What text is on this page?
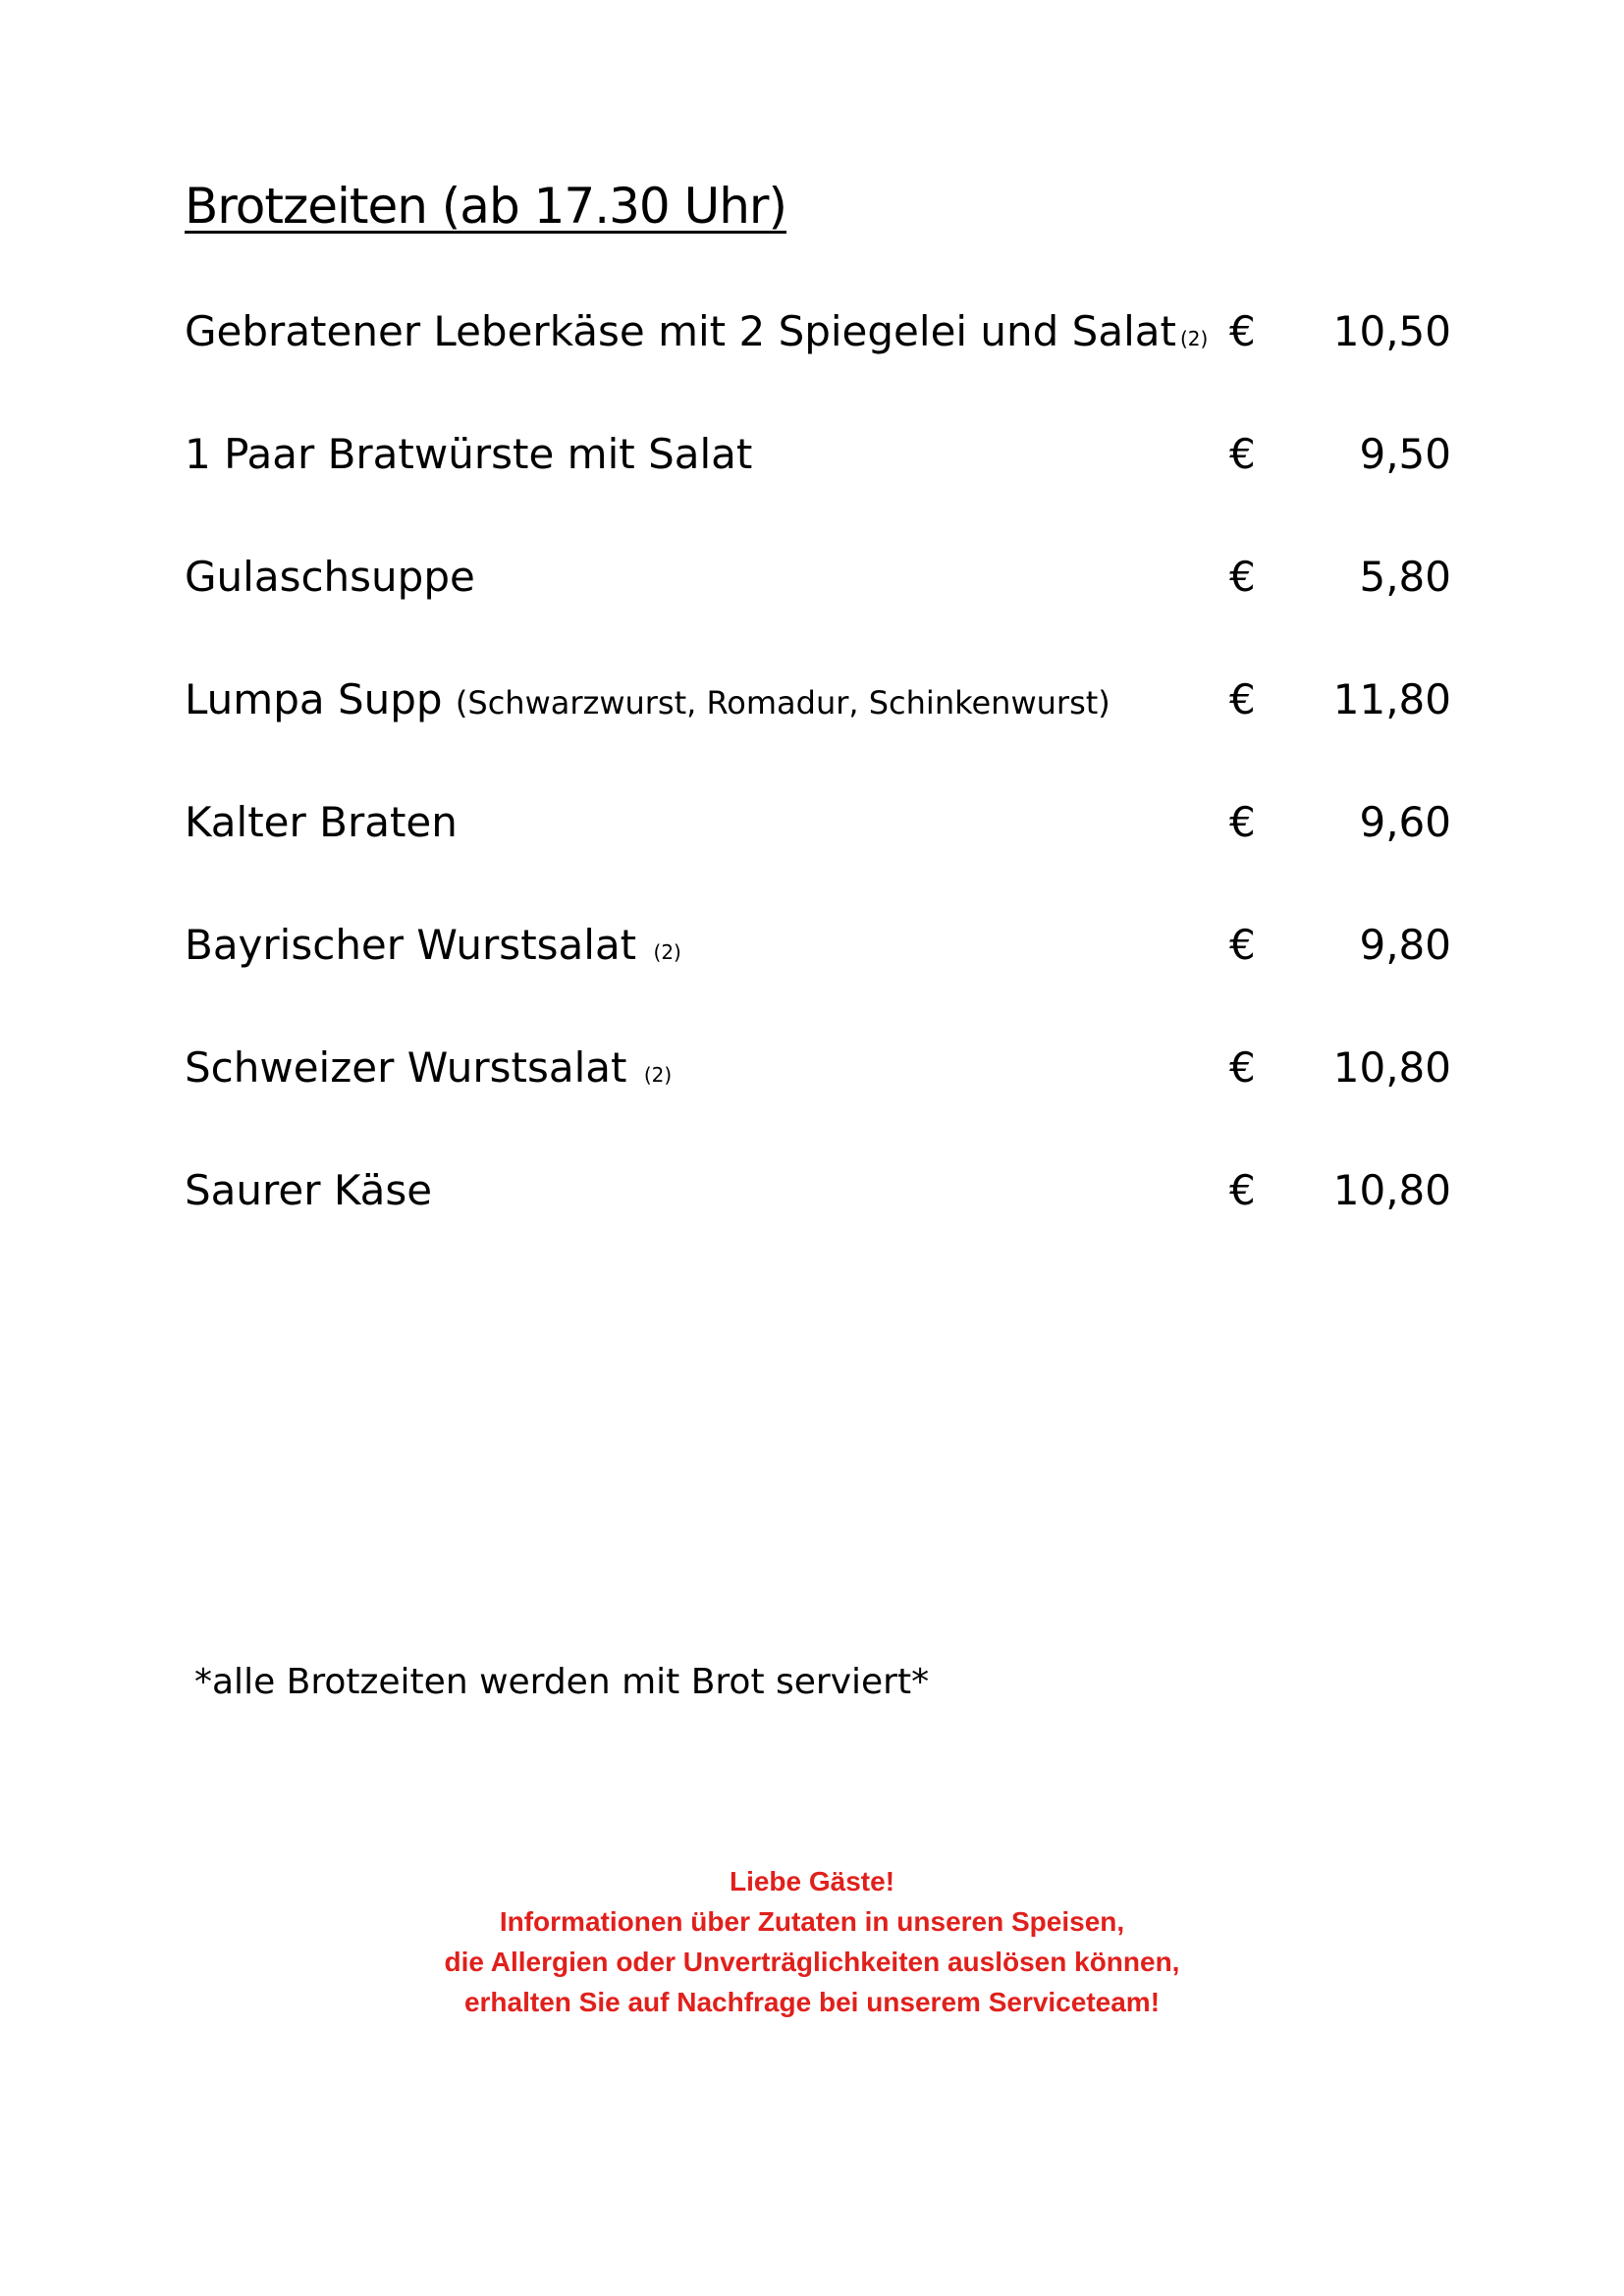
Brotzeiten (ab 17.30 Uhr)
Gebratener Leberkäse mit 2 Spiegelei und Salat (2) €	10,50
1 Paar Bratwürste mit Salat	€	9,50
Gulaschsuppe	€	5,80
Lumpa Supp (Schwarzwurst, Romadur, Schinkenwurst)	€	11,80
Kalter Braten	€	9,60
Bayrischer Wurstsalat (2)	€	9,80
Schweizer Wurstsalat (2)	€	10,80
Saurer Käse	€	10,80
*alle Brotzeiten werden mit Brot serviert*
Liebe Gäste!
Informationen über Zutaten in unseren Speisen,
die Allergien oder Unverträglichkeiten auslösen können,
erhalten Sie auf Nachfrage bei unserem Serviceteam!
